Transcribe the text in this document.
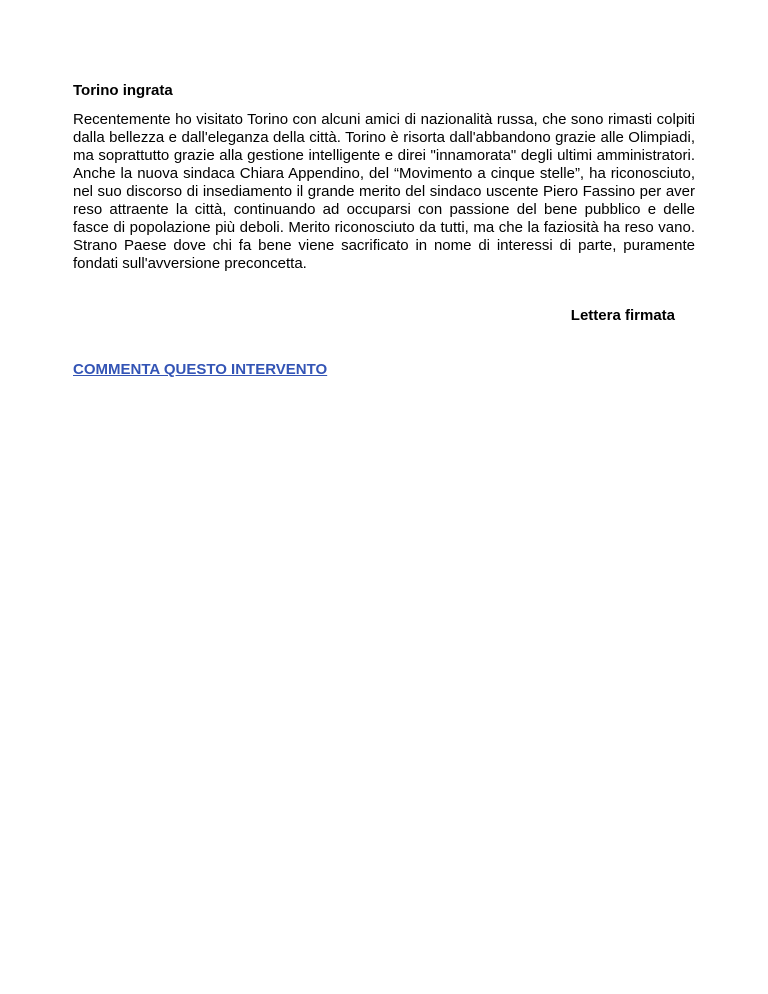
Torino ingrata

Recentemente ho visitato Torino con alcuni amici di nazionalità russa, che sono rimasti colpiti dalla bellezza e dall'eleganza della città. Torino è risorta dall'abbandono grazie alle Olimpiadi, ma soprattutto grazie alla gestione intelligente e direi "innamorata" degli ultimi amministratori. Anche la nuova sindaca Chiara Appendino, del “Movimento a cinque stelle”, ha riconosciuto, nel suo discorso di insediamento il grande merito del sindaco uscente Piero Fassino per aver reso attraente la città, continuando ad occuparsi con passione del bene pubblico e delle fasce di popolazione più deboli. Merito riconosciuto da tutti, ma che la faziosità ha reso vano. Strano Paese dove chi fa bene viene sacrificato in nome di interessi di parte, puramente fondati sull'avversione preconcetta.

Lettera firmata
COMMENTA QUESTO INTERVENTO
